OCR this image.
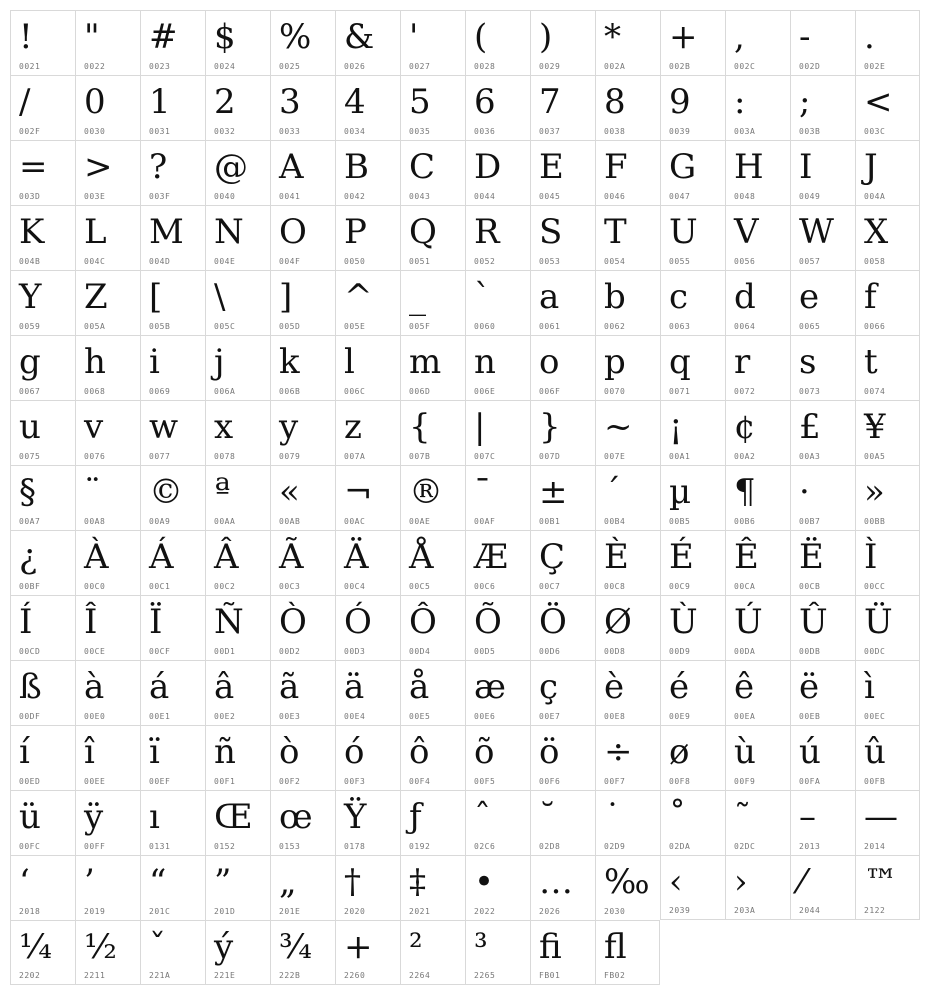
!
0021
"
0022
#
0023
$
0024
%
0025
&
0026
'
0027
(
0028
)
0029
*
002A
+
002B
,
002C
-
002D
.
002E
/
002F
0
0030
1
0031
2
0032
3
0033
4
0034
5
0035
6
0036
7
0037
8
0038
9
0039
:
003A
;
003B
<
003C
=
003D
>
003E
?
003F
@
0040
A
0041
B
0042
C
0043
D
0044
E
0045
F
0046
G
0047
H
0048
I
0049
J
004A
K
004B
L
004C
M
004D
N
004E
O
004F
P
0050
Q
0051
R
0052
S
0053
T
0054
U
0055
V
0056
W
0057
X
0058
Y
0059
Z
005A
[
005B
\
005C
]
005D
^
005E
_
005F
`
0060
a
0061
b
0062
c
0063
d
0064
e
0065
f
0066
g
0067
h
0068
i
0069
j
006A
k
006B
l
006C
m
006D
n
006E
o
006F
p
0070
q
0071
r
0072
s
0073
t
0074
u
0075
v
0076
w
0077
x
0078
y
0079
z
007A
{
007B
|
007C
}
007D
~
007E
¡
00A1
¢
00A2
£
00A3
¥
00A5
§
00A7
¨
00A8
©
00A9
ª
00AA
«
00AB
¬
00AC
®
00AE
¯
00AF
±
00B1
´
00B4
µ
00B5
¶
00B6
·
00B7
»
00BB
¿
00BF
À
00C0
Á
00C1
Â
00C2
Ã
00C3
Ä
00C4
Å
00C5
Æ
00C6
Ç
00C7
È
00C8
É
00C9
Ê
00CA
Ë
00CB
Ì
00CC
Í
00CD
Î
00CE
Ï
00CF
Ñ
00D1
Ò
00D2
Ó
00D3
Ô
00D4
Õ
00D5
Ö
00D6
Ø
00D8
Ù
00D9
Ú
00DA
Û
00DB
Ü
00DC
ß
00DF
à
00E0
á
00E1
â
00E2
ã
00E3
ä
00E4
å
00E5
æ
00E6
ç
00E7
è
00E8
é
00E9
ê
00EA
ë
00EB
ì
00EC
í
00ED
î
00EE
ï
00EF
ñ
00F1
ò
00F2
ó
00F3
ô
00F4
õ
00F5
ö
00F6
÷
00F7
ø
00F8
ù
00F9
ú
00FA
û
00FB
ü
00FC
ÿ
00FF
ı
0131
Œ
0152
œ
0153
Ÿ
0178
ƒ
0192
ˆ
02C6
˘
02D8
˙
02D9
˚
02DA
˜
02DC
–
2013
—
2014
‘
2018
’
2019
“
201C
”
201D
„
201E
†
2020
‡
2021
•
2022
…
2026
‰
2030
‹
2039
›
203A
⁄
2044
™
2122
¼
2202
½
2211
ˇ
221A
ý
221E
¾
222B
+
2260
²
2264
³
2265
ﬁ
FB01
ﬂ
FB02
